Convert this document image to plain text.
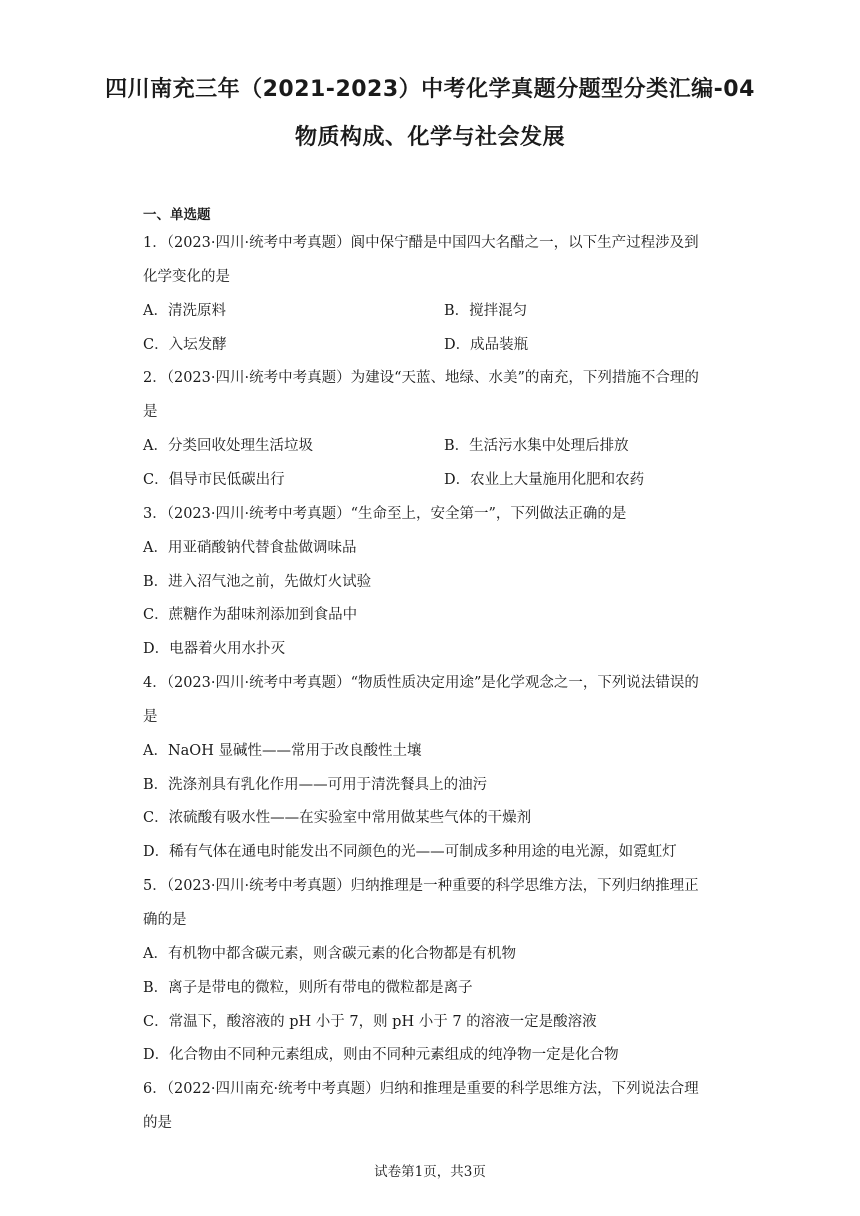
四川南充三年（2021-2023）中考化学真题分题型分类汇编-04
物质构成、化学与社会发展
一、单选题
1．（2023·四川·统考中考真题）阆中保宁醋是中国四大名醋之一，以下生产过程涉及到
化学变化的是
A．清洗原料	B．搅拌混匀
C．入坛发酵	D．成品装瓶
2．（2023·四川·统考中考真题）为建设“天蓝、地绿、水美”的南充，下列措施不合理的
是
A．分类回收处理生活垃圾	B．生活污水集中处理后排放
C．倡导市民低碳出行	D．农业上大量施用化肥和农药
3．（2023·四川·统考中考真题）“生命至上，安全第一”，下列做法正确的是
A．用亚硝酸钠代替食盐做调味品
B．进入沼气池之前，先做灯火试验
C．蔗糖作为甜味剂添加到食品中
D．电器着火用水扑灭
4．（2023·四川·统考中考真题）“物质性质决定用途”是化学观念之一，下列说法错误的
是
A．NaOH 显碱性——常用于改良酸性土壤
B．洗涤剂具有乳化作用——可用于清洗餐具上的油污
C．浓硫酸有吸水性——在实验室中常用做某些气体的干燥剂
D．稀有气体在通电时能发出不同颜色的光——可制成多种用途的电光源，如霓虹灯
5．（2023·四川·统考中考真题）归纳推理是一种重要的科学思维方法，下列归纳推理正
确的是
A．有机物中都含碳元素，则含碳元素的化合物都是有机物
B．离子是带电的微粒，则所有带电的微粒都是离子
C．常温下，酸溶液的 pH 小于 7，则 pH 小于 7 的溶液一定是酸溶液
D．化合物由不同种元素组成，则由不同种元素组成的纯净物一定是化合物
6．（2022·四川南充·统考中考真题）归纳和推理是重要的科学思维方法，下列说法合理
的是
试卷第1页，共3页
